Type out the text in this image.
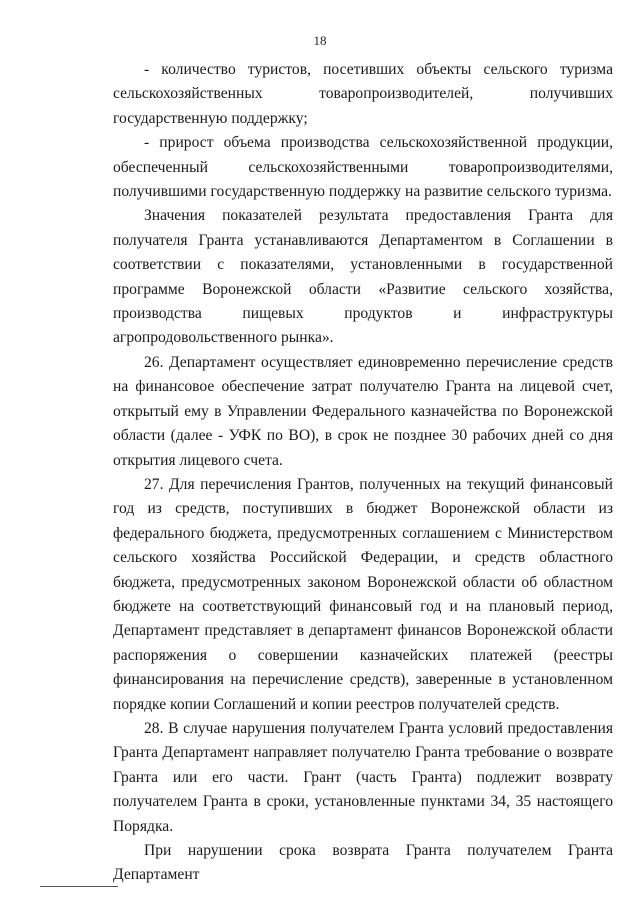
18

- количество туристов, посетивших объекты сельского туризма сельскохозяйственных товаропроизводителей, получивших государственную поддержку;

- прирост объема производства сельскохозяйственной продукции, обеспеченный сельскохозяйственными товаропроизводителями, получившими государственную поддержку на развитие сельского туризма.

Значения показателей результата предоставления Гранта для получателя Гранта устанавливаются Департаментом в Соглашении в соответствии с показателями, установленными в государственной программе Воронежской области «Развитие сельского хозяйства, производства пищевых продуктов и инфраструктуры агропродовольственного рынка».

26. Департамент осуществляет единовременно перечисление средств на финансовое обеспечение затрат получателю Гранта на лицевой счет, открытый ему в Управлении Федерального казначейства по Воронежской области (далее - УФК по ВО), в срок не позднее 30 рабочих дней со дня открытия лицевого счета.

27. Для перечисления Грантов, полученных на текущий финансовый год из средств, поступивших в бюджет Воронежской области из федерального бюджета, предусмотренных соглашением с Министерством сельского хозяйства Российской Федерации, и средств областного бюджета, предусмотренных законом Воронежской области об областном бюджете на соответствующий финансовый год и на плановый период, Департамент представляет в департамент финансов Воронежской области распоряжения о совершении казначейских платежей (реестры финансирования на перечисление средств), заверенные в установленном порядке копии Соглашений и копии реестров получателей средств.

28. В случае нарушения получателем Гранта условий предоставления Гранта Департамент направляет получателю Гранта требование о возврате Гранта или его части. Грант (часть Гранта) подлежит возврату получателем Гранта в сроки, установленные пунктами 34, 35 настоящего Порядка.

При нарушении срока возврата Гранта получателем Гранта Департамент
